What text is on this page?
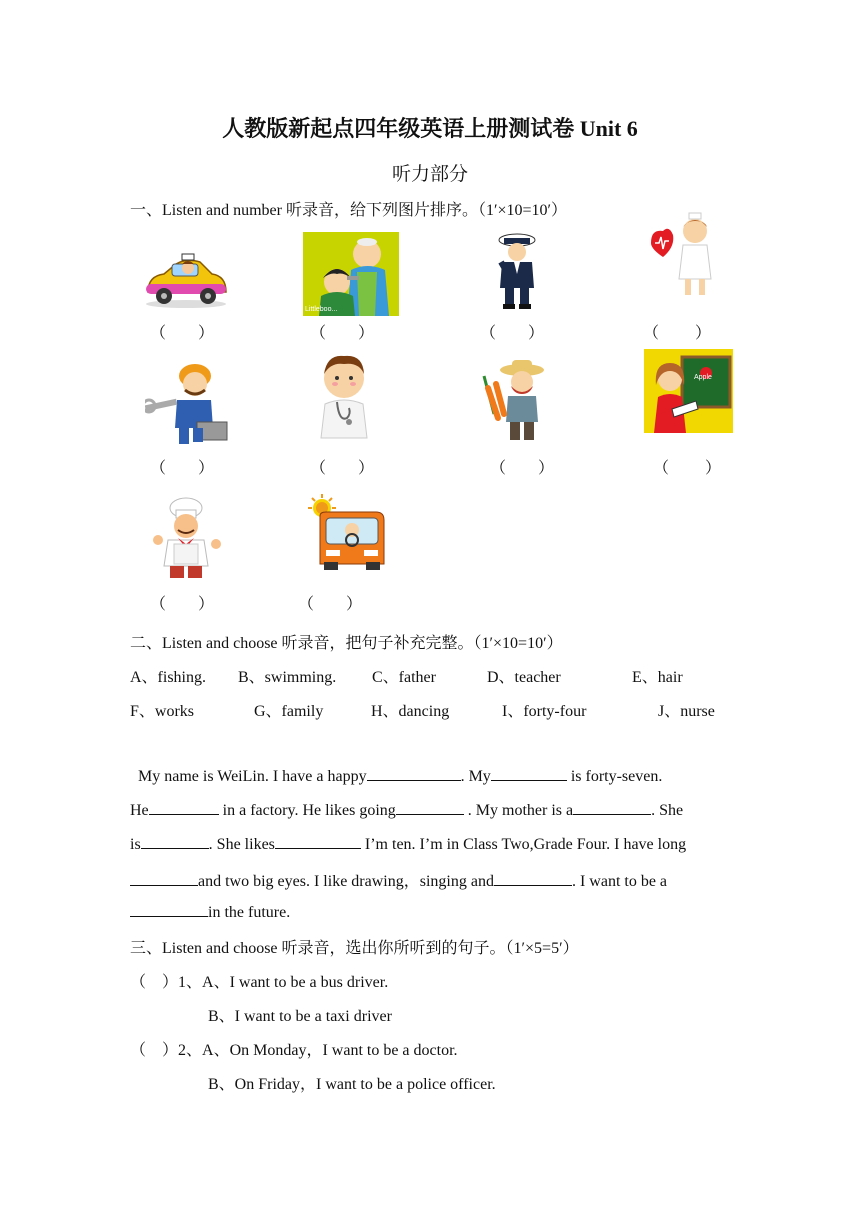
人教版新起点四年级英语上册测试卷 Unit 6
听力部分
一、Listen and number 听录音，给下列图片排序。（1′×10=10′）
（　　）
Littleboo...
（　　）	（　　）	（　　 ）
（　　）	（　　）	（　　）
Apple
（　　 ）
（　　）	（　　）
二、Listen and choose 听录音，把句子补充完整。（1′×10=10′）
A、fishing. B、swimming. C、father	D、teacher	E、hair
F、works	G、family	H、dancing	I、forty-four	J、nurse
My name is WeiLin. I have a happy	. My	is forty-seven.
He	in a factory. He likes going	. My mother is a	. She
is	. She likes	I’m ten. I’m in Class Two,Grade Four. I have long
and two big eyes. I like drawing，singing and	. I want to be a
in the future.
三、Listen and choose 听录音，选出你所听到的句子。（1′×5=5′）
（　）1、A、I want to be a bus driver.
B、I want to be a taxi driver
（　）2、A、On Monday，I want to be a doctor.
B、On Friday，I want to be a police officer.
